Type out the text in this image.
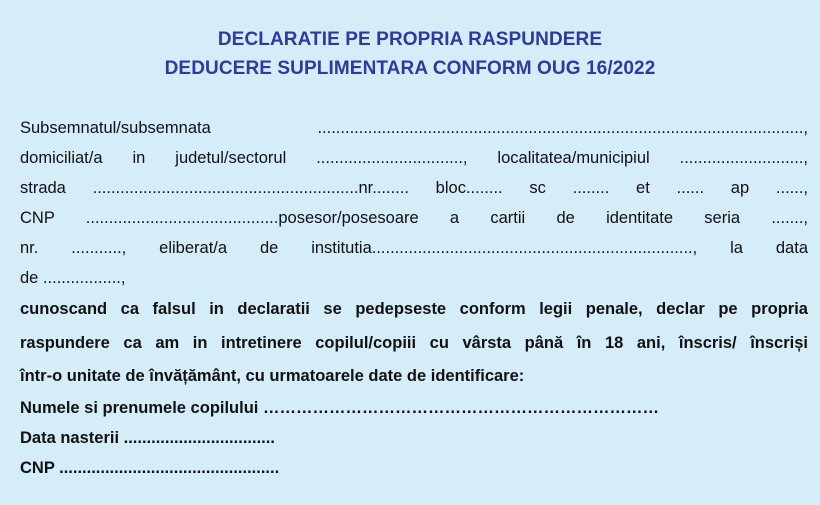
DECLARATIE PE PROPRIA RASPUNDERE
DEDUCERE SUPLIMENTARA CONFORM OUG 16/2022
Subsemnatul/subsemnata ..........................................................................................................,
domiciliat/a in judetul/sectorul ................................, localitatea/municipiul ...........................,
strada ..........................................................nr........ bloc........ sc ........ et ...... ap ......,
CNP ..........................................posesor/posesoare a cartii de identitate seria .......,
nr. ..........., eliberat/a de institutia......................................................................, la data
de .................,
cunoscand ca falsul in declaratii se pedepseste conform legii penale, declar pe propria
raspundere ca am in intretinere copilul/copiii cu vârsta până în 18 ani, înscris/ înscriși
într-o unitate de învățământ, cu urmatoarele date de identificare:
Numele si prenumele copilului ………………………………………………………………
Data nasterii .................................
CNP ................................................
